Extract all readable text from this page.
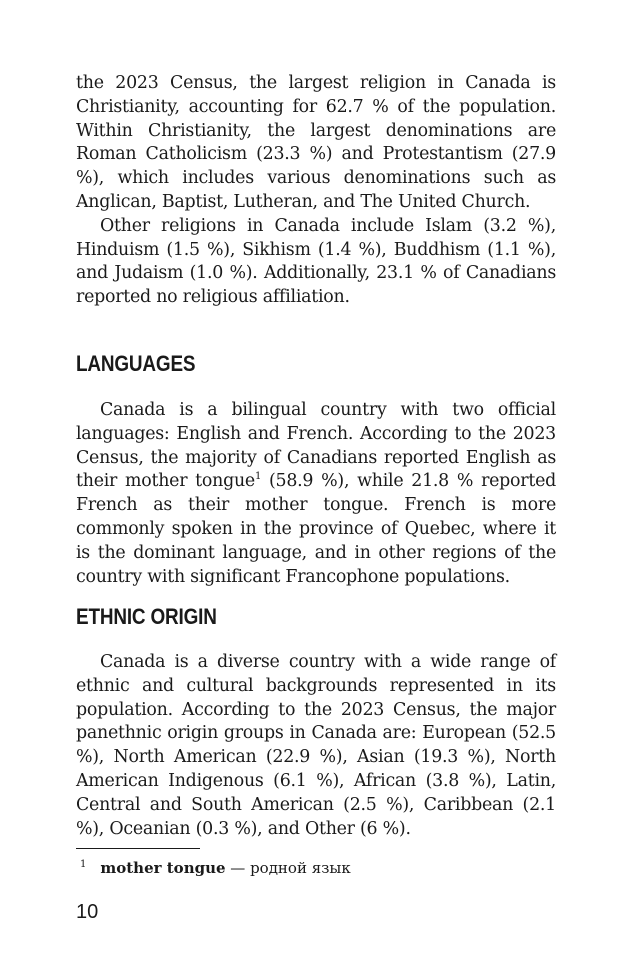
the 2023 Census, the largest religion in Canada is Christianity, accounting for 62.7 % of the population. Within Christianity, the largest denominations are Roman Catholicism (23.3 %) and Protestantism (27.9 %), which includes various denominations such as Anglican, Baptist, Lutheran, and The United Church.

Other religions in Canada include Islam (3.2 %), Hinduism (1.5 %), Sikhism (1.4 %), Buddhism (1.1 %), and Judaism (1.0 %). Additionally, 23.1 % of Canadians reported no religious affiliation.

LANGUAGES

Canada is a bilingual country with two official languages: English and French. According to the 2023 Census, the majority of Canadians reported English as their mother tongue$^1$ (58.9 %), while 21.8 % reported French as their mother tongue. French is more commonly spoken in the province of Quebec, where it is the dominant language, and in other regions of the country with significant Francophone populations.

ETHNIC ORIGIN

Canada is a diverse country with a wide range of ethnic and cultural backgrounds represented in its population. According to the 2023 Census, the major panethnic origin groups in Canada are: European (52.5 %), North American (22.9 %), Asian (19.3 %), North American Indigenous (6.1 %), African (3.8 %), Latin, Central and South American (2.5 %), Caribbean (2.1 %), Oceanian (0.3 %), and Other (6 %).

$^1$ mother tongue — родной язык
10
